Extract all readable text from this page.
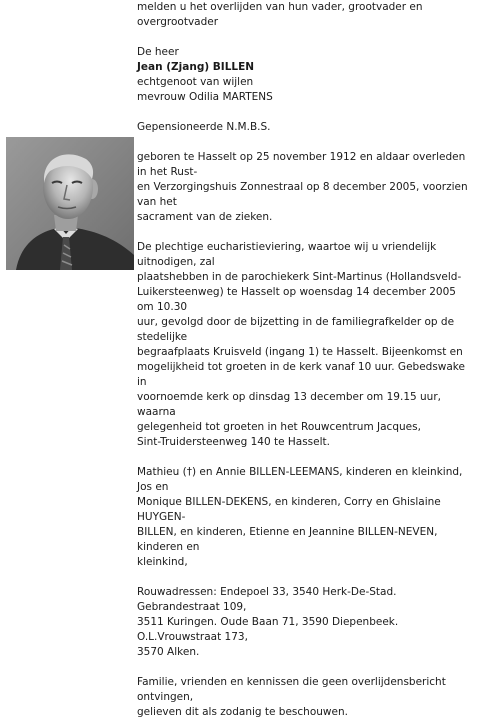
melden u het overlijden van hun vader, grootvader en overgrootvader

De heer

Jean (Zjang) BILLEN

echtgenoot van wijlen

mevrouw Odilia MARTENS

Gepensioneerde N.M.B.S.

geboren te Hasselt op 25 november 1912 en aldaar overleden in het Rust-

en Verzorgingshuis Zonnestraal op 8 december 2005, voorzien van het

sacrament van de zieken.

De plechtige eucharistieviering, waartoe wij u vriendelijk uitnodigen, zal

plaatshebben in de parochiekerk Sint-Martinus (Hollandsveld-

Luikersteenweg) te Hasselt op woensdag 14 december 2005 om 10.30

uur, gevolgd door de bijzetting in de familiegrafkelder op de stedelijke

begraafplaats Kruisveld (ingang 1) te Hasselt. Bijeenkomst en

mogelijkheid tot groeten in de kerk vanaf 10 uur. Gebedswake in

voornoemde kerk op dinsdag 13 december om 19.15 uur, waarna

gelegenheid tot groeten in het Rouwcentrum Jacques,

Sint-Truidersteenweg 140 te Hasselt.

Mathieu (†) en Annie BILLEN-LEEMANS, kinderen en kleinkind, Jos en

Monique BILLEN-DEKENS, en kinderen, Corry en Ghislaine HUYGEN-

BILLEN, en kinderen, Etienne en Jeannine BILLEN-NEVEN, kinderen en

kleinkind,

Rouwadressen: Endepoel 33, 3540 Herk-De-Stad. Gebrandestraat 109,

3511 Kuringen. Oude Baan 71, 3590 Diepenbeek. O.L.Vrouwstraat 173,

3570 Alken.

Familie, vrienden en kennissen die geen overlijdensbericht ontvingen,

gelieven dit als zodanig te beschouwen.
